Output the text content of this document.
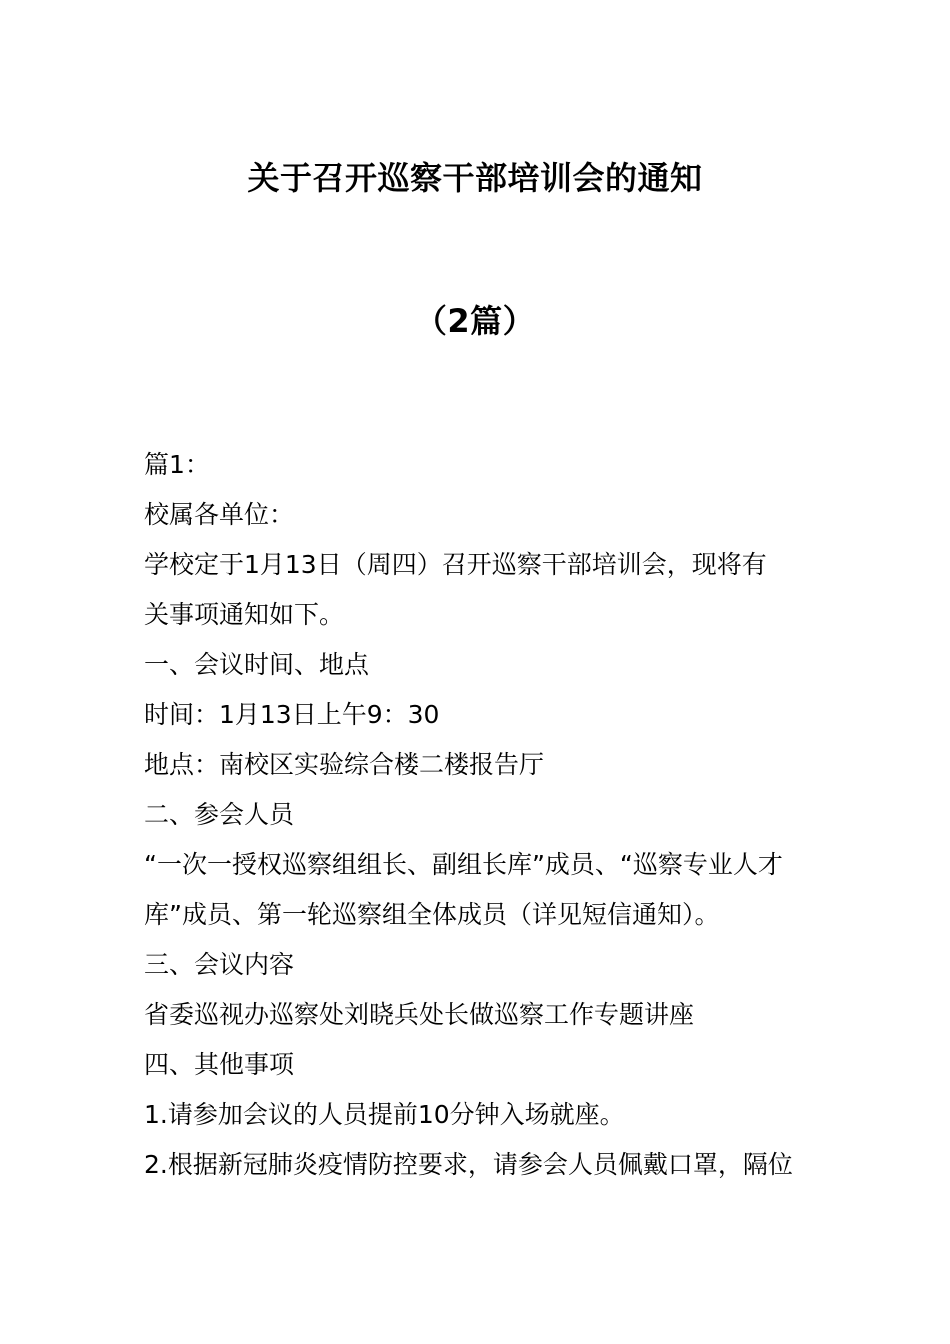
关于召开巡察干部培训会的通知
（2篇）
篇1：
校属各单位：
学校定于1月13日（周四）召开巡察干部培训会，现将有
关事项通知如下。
一、会议时间、地点
时间：1月13日上午9：30
地点：南校区实验综合楼二楼报告厅
二、参会人员
“一次一授权巡察组组长、副组长库”成员、“巡察专业人才
库”成员、第一轮巡察组全体成员（详见短信通知）。
三、会议内容
省委巡视办巡察处刘晓兵处长做巡察工作专题讲座
四、其他事项
1.请参加会议的人员提前10分钟入场就座。
2.根据新冠肺炎疫情防控要求，请参会人员佩戴口罩，隔位
